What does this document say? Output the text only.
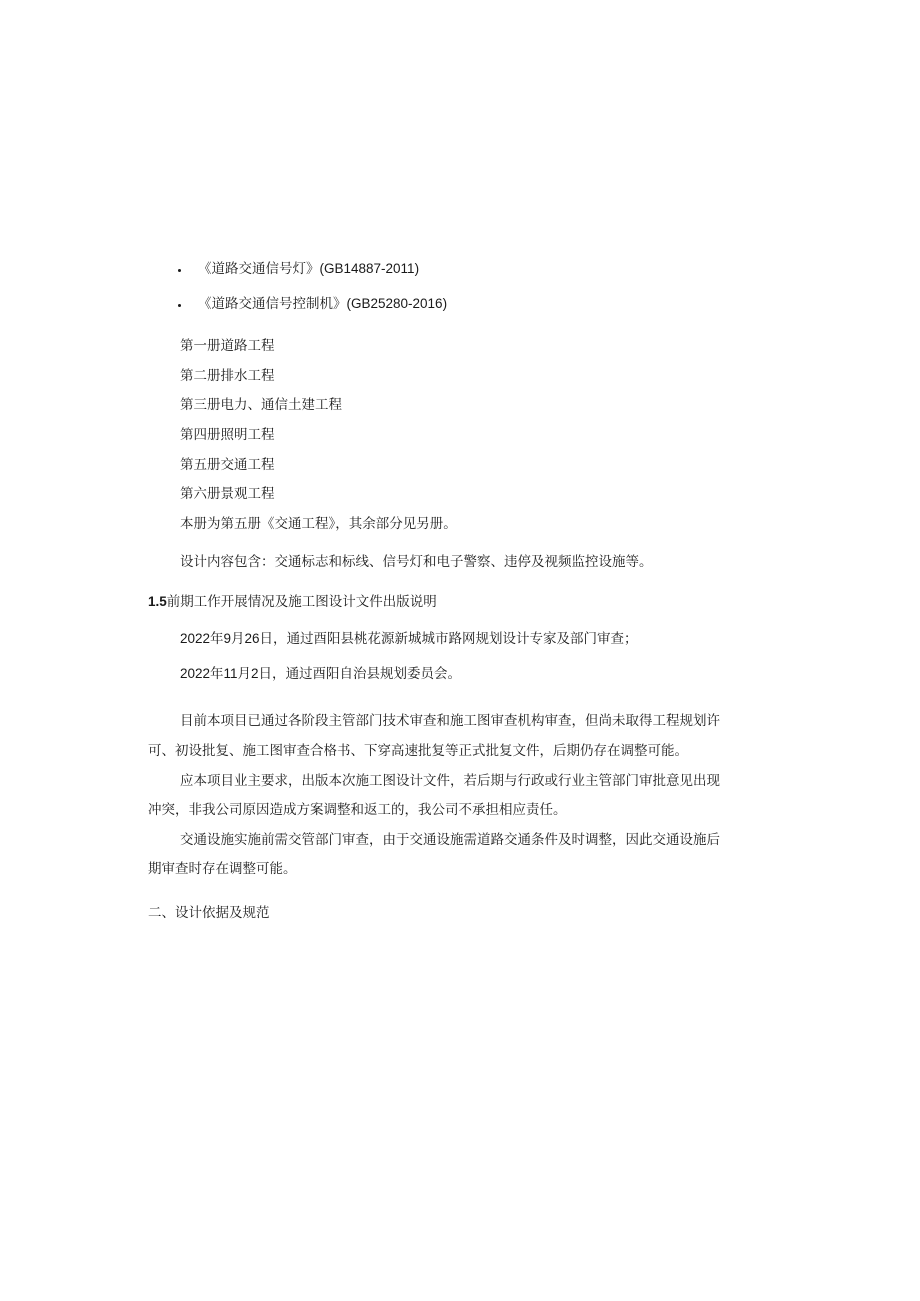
《道路交通信号灯》(GB14887-2011)
《道路交通信号控制机》(GB25280-2016)
第一册道路工程
第二册排水工程
第三册电力、通信土建工程
第四册照明工程
第五册交通工程
第六册景观工程
本册为第五册《交通工程》，其余部分见另册。
设计内容包含：交通标志和标线、信号灯和电子警察、违停及视频监控设施等。
1.5前期工作开展情况及施工图设计文件出版说明
2022年9月26日，通过酉阳县桃花源新城城市路网规划设计专家及部门审查；
2022年11月2日，通过酉阳自治县规划委员会。
目前本项目已通过各阶段主管部门技术审查和施工图审查机构审查，但尚未取得工程规划许
可、初设批复、施工图审查合格书、下穿高速批复等正式批复文件，后期仍存在调整可能。
应本项目业主要求，出版本次施工图设计文件，若后期与行政或行业主管部门审批意见出现
冲突，非我公司原因造成方案调整和返工的，我公司不承担相应责任。
交通设施实施前需交管部门审查，由于交通设施需道路交通条件及时调整，因此交通设施后
期审查时存在调整可能。
二、设计依据及规范
